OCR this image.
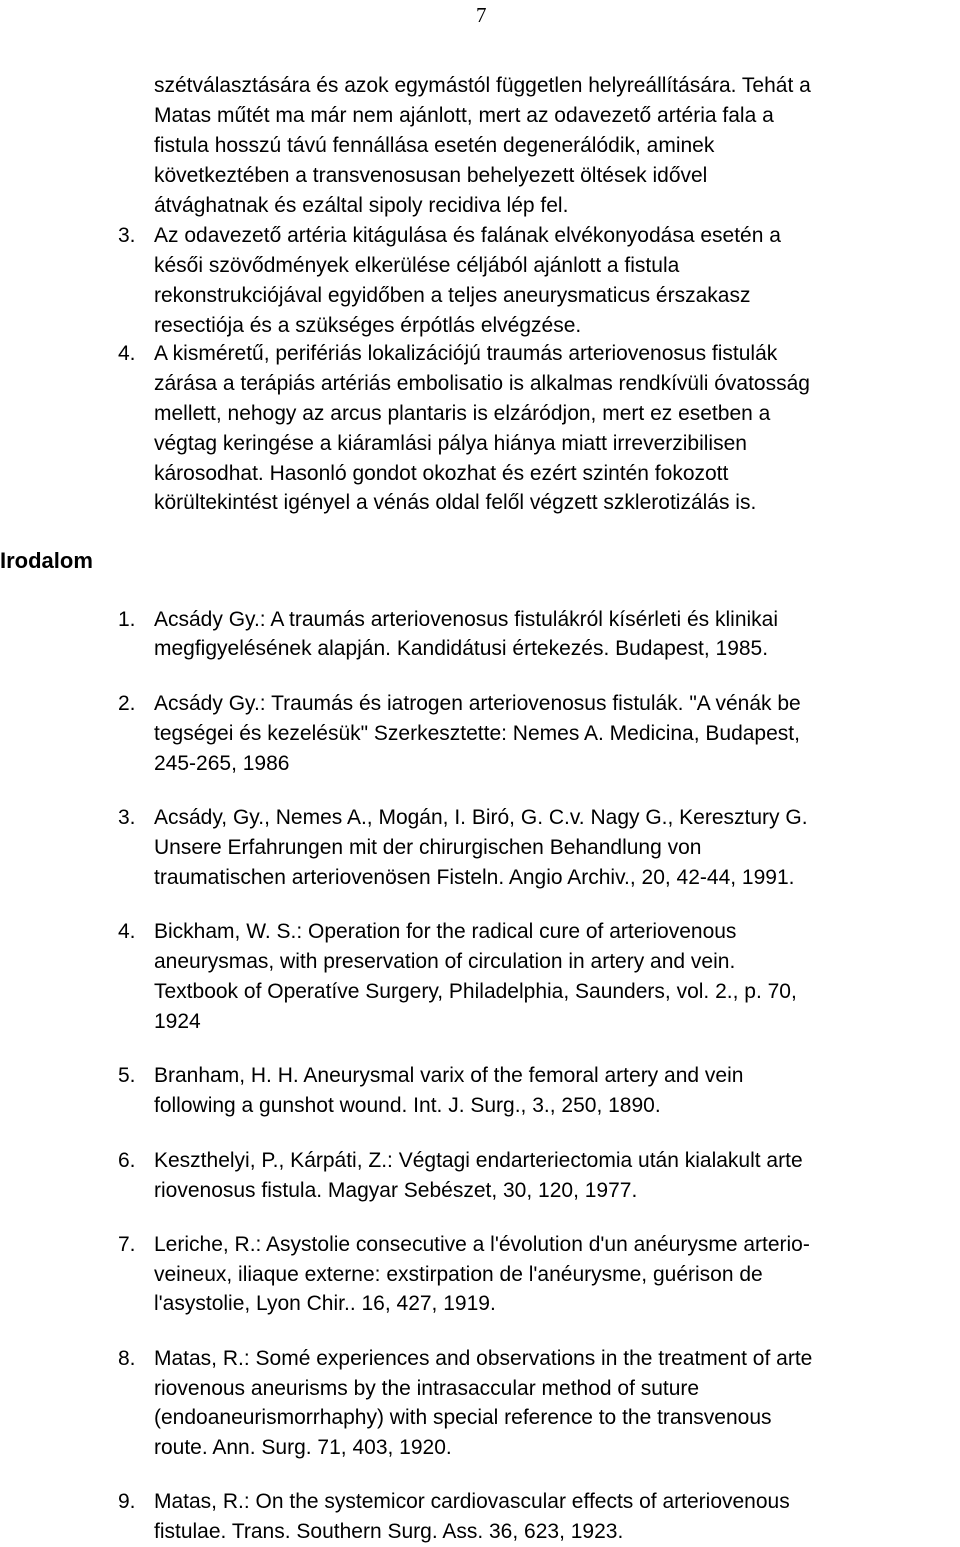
7
szétválasztására és azok egymástól független helyreállítására. Tehát a
Matas műtét ma már nem ajánlott, mert az odavezető artéria fala a
fistula hosszú távú fennállása esetén degenerálódik, aminek
következtében a transvenosusan behelyezett öltések idővel
átvághatnak és ezáltal sipoly recidiva lép fel.
3. Az odavezető artéria kitágulása és falának elvékonyodása esetén a
késői szövődmények elkerülése céljából ajánlott a fistula
rekonstrukciójával egyidőben a teljes aneurysmaticus érszakasz
resectiója és a szükséges érpótlás elvégzése.
4. A kisméretű, perifériás lokalizációjú traumás arteriovenosus fistulák
zárása a terápiás artériás embolisatio is alkalmas rendkívüli óvatosság
mellett, nehogy az arcus plantaris is elzáródjon, mert ez esetben a
végtag keringése a kiáramlási pálya hiánya miatt irreverzibilisen
károsodhat. Hasonló gondot okozhat és ezért szintén fokozott
körültekintést igényel a vénás oldal felől végzett szklerotizálás is.
Irodalom
1. Acsády Gy.: A traumás arteriovenosus fistulákról kísérleti és klinikai
megfigyelésének alapján. Kandidátusi értekezés. Budapest, 1985.
2. Acsády Gy.: Traumás és iatrogen arteriovenosus fistulák. "A vénák be
tegségei és kezelésük" Szerkesztette: Nemes A. Medicina, Budapest,
245-265, 1986
3. Acsády, Gy., Nemes A., Mogán, I. Biró, G. C.v. Nagy G., Keresztury G.
Unsere Erfahrungen mit der chirurgischen Behandlung von
traumatischen arteriovenösen Fisteln. Angio Archiv., 20, 42-44, 1991.
4. Bickham, W. S.: Operation for the radical cure of arteriovenous
aneurysmas, with preservation of circulation in artery and vein.
Textbook of Operatíve Surgery, Philadelphia, Saunders, vol. 2., p. 70,
1924
5. Branham, H. H. Aneurysmal varix of the femoral artery and vein
following a gunshot wound. Int. J. Surg., 3., 250, 1890.
6. Keszthelyi, P., Kárpáti, Z.: Végtagi endarteriectomia után kialakult arte
riovenosus fistula. Magyar Sebészet, 30, 120, 1977.
7. Leriche, R.: Asystolie consecutive a l'évolution d'un anéurysme arterio-
veineux, iliaque externe: exstirpation de l'anéurysme, guérison de
l'asystolie, Lyon Chir.. 16, 427, 1919.
8. Matas, R.: Somé experiences and observations in the treatment of arte
riovenous aneurisms by the intrasaccular method of suture
(endoaneurismorrhaphy) with special reference to the transvenous
route. Ann. Surg. 71, 403, 1920.
9. Matas, R.: On the systemicor cardiovascular effects of arteriovenous
fistulae. Trans. Southern Surg. Ass. 36, 623, 1923.
